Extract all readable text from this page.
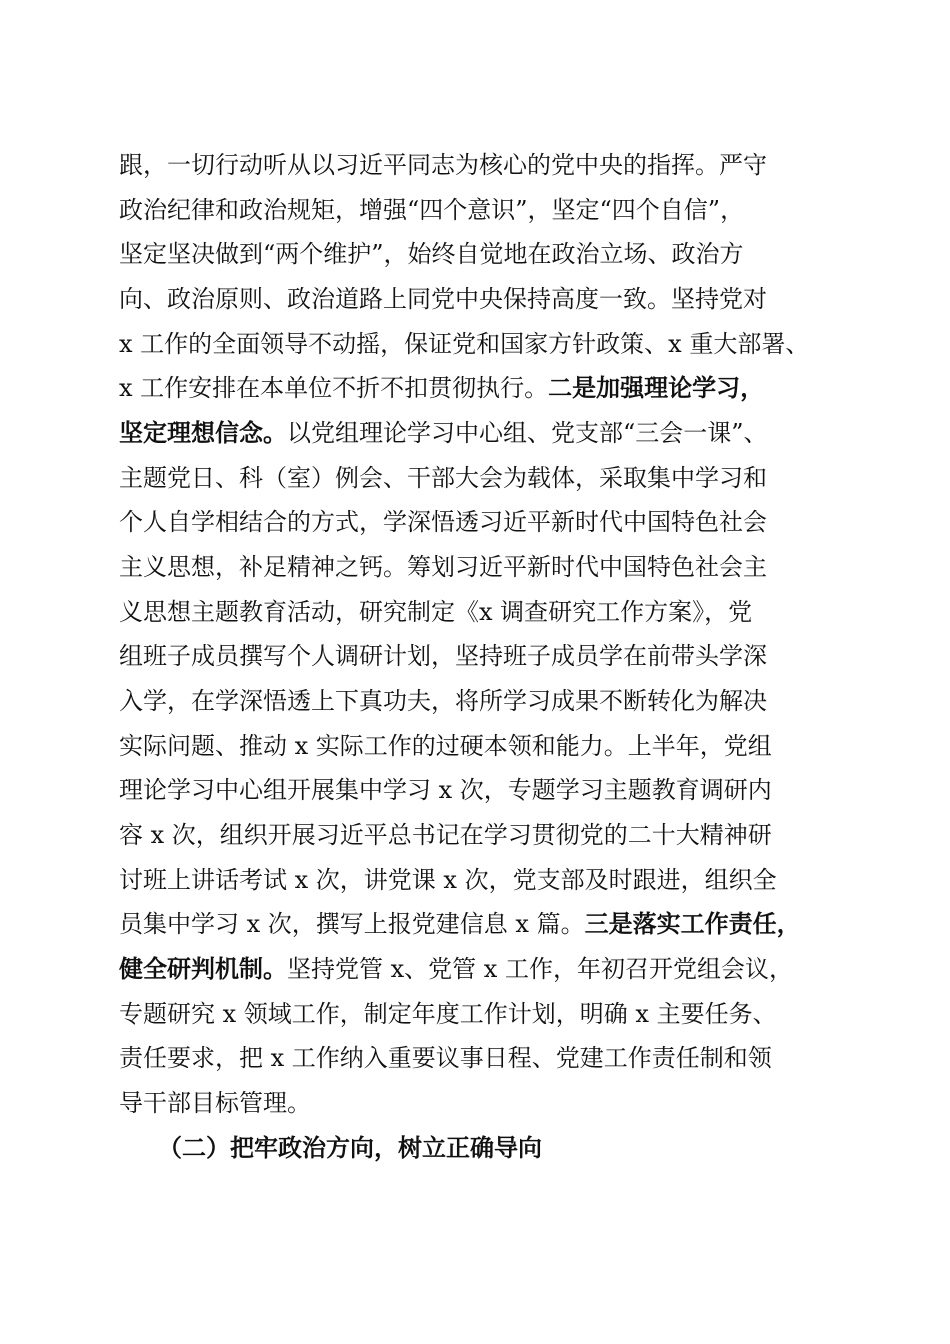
跟，一切行动听从以习近平同志为核心的党中央的指挥。严守
政治纪律和政治规矩，增强“四个意识”，坚定“四个自信”，
坚定坚决做到“两个维护”，始终自觉地在政治立场、政治方
向、政治原则、政治道路上同党中央保持高度一致。坚持党对
x 工作的全面领导不动摇，保证党和国家方针政策、x 重大部署、
x 工作安排在本单位不折不扣贯彻执行。二是加强理论学习，
坚定理想信念。以党组理论学习中心组、党支部“三会一课”、
主题党日、科（室）例会、干部大会为载体，采取集中学习和
个人自学相结合的方式，学深悟透习近平新时代中国特色社会
主义思想，补足精神之钙。筹划习近平新时代中国特色社会主
义思想主题教育活动，研究制定《x 调查研究工作方案》，党
组班子成员撰写个人调研计划，坚持班子成员学在前带头学深
入学，在学深悟透上下真功夫，将所学习成果不断转化为解决
实际问题、推动 x 实际工作的过硬本领和能力。上半年，党组
理论学习中心组开展集中学习 x 次，专题学习主题教育调研内
容 x 次，组织开展习近平总书记在学习贯彻党的二十大精神研
讨班上讲话考试 x 次，讲党课 x 次，党支部及时跟进，组织全
员集中学习 x 次，撰写上报党建信息 x 篇。三是落实工作责任，
健全研判机制。坚持党管 x、党管 x 工作，年初召开党组会议，
专题研究 x 领域工作，制定年度工作计划，明确 x 主要任务、
责任要求，把 x 工作纳入重要议事日程、党建工作责任制和领
导干部目标管理。
（二）把牢政治方向，树立正确导向
